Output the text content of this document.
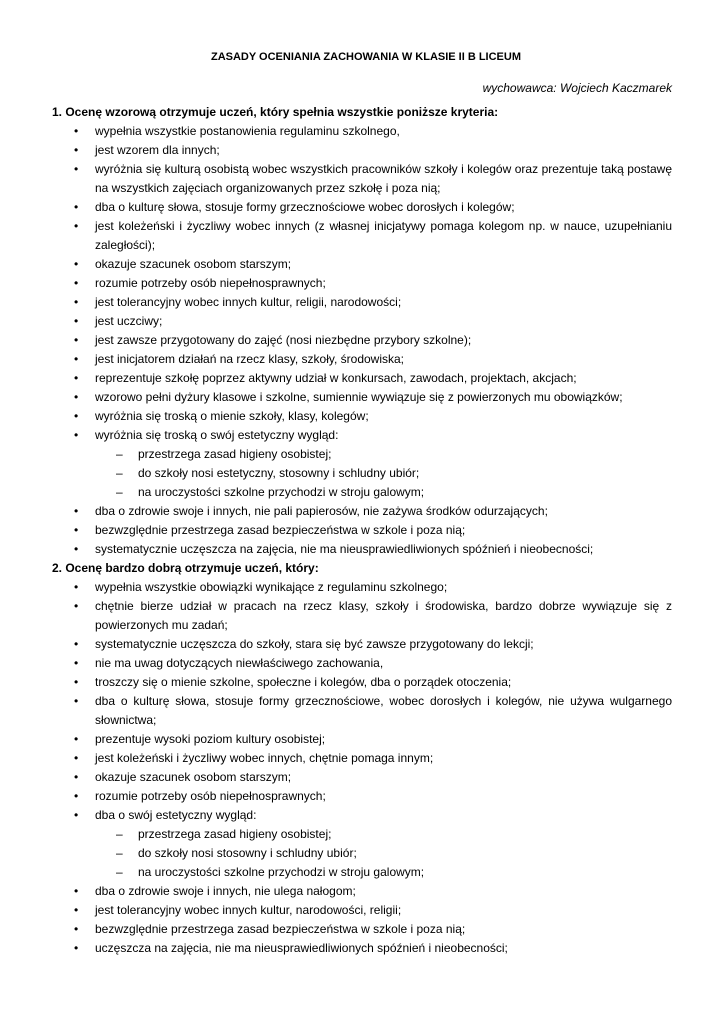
ZASADY OCENIANIA ZACHOWANIA W KLASIE II B LICEUM

wychowawca: Wojciech Kaczmarek

1. Ocenę wzorową otrzymuje uczeń, który spełnia wszystkie poniższe kryteria:

• wypełnia wszystkie postanowienia regulaminu szkolnego,
• jest wzorem dla innych;
• wyróżnia się kulturą osobistą wobec wszystkich pracowników szkoły i kolegów oraz prezentuje taką postawę na wszystkich zajęciach organizowanych przez szkołę i poza nią;
• dba o kulturę słowa, stosuje formy grzecznościowe wobec dorosłych i kolegów;
• jest koleżeński i życzliwy wobec innych (z własnej inicjatywy pomaga kolegom np. w nauce, uzupełnianiu zaległości);
• okazuje szacunek osobom starszym;
• rozumie potrzeby osób niepełnosprawnych;
• jest tolerancyjny wobec innych kultur, religii, narodowości;
• jest uczciwy;
• jest zawsze przygotowany do zajęć (nosi niezbędne przybory szkolne);
• jest inicjatorem działań na rzecz klasy, szkoły, środowiska;
• reprezentuje szkołę poprzez aktywny udział w konkursach, zawodach, projektach, akcjach;
• wzorowo pełni dyżury klasowe i szkolne, sumiennie wywiązuje się z powierzonych mu obowiązków;
• wyróżnia się troską o mienie szkoły, klasy, kolegów;
• wyróżnia się troską o swój estetyczny wygląd:
– przestrzega zasad higieny osobistej;
– do szkoły nosi estetyczny, stosowny i schludny ubiór;
– na uroczystości szkolne przychodzi w stroju galowym;
• dba o zdrowie swoje i innych, nie pali papierosów, nie zażywa środków odurzających;
• bezwzględnie przestrzega zasad bezpieczeństwa w szkole i poza nią;
• systematycznie uczęszcza na zajęcia, nie ma nieusprawiedliwionych spóźnień i nieobecności;

2. Ocenę bardzo dobrą otrzymuje uczeń, który:

• wypełnia wszystkie obowiązki wynikające z regulaminu szkolnego;
• chętnie bierze udział w pracach na rzecz klasy, szkoły i środowiska, bardzo dobrze wywiązuje się z powierzonych mu zadań;
• systematycznie uczęszcza do szkoły, stara się być zawsze przygotowany do lekcji;
• nie ma uwag dotyczących niewłaściwego zachowania,
• troszczy się o mienie szkolne, społeczne i kolegów, dba o porządek otoczenia;
• dba o kulturę słowa, stosuje formy grzecznościowe, wobec dorosłych i kolegów, nie używa wulgarnego słownictwa;
• prezentuje wysoki poziom kultury osobistej;
• jest koleżeński i życzliwy wobec innych, chętnie pomaga innym;
• okazuje szacunek osobom starszym;
• rozumie potrzeby osób niepełnosprawnych;
• dba o swój estetyczny wygląd:
– przestrzega zasad higieny osobistej;
– do szkoły nosi stosowny i schludny ubiór;
– na uroczystości szkolne przychodzi w stroju galowym;
• dba o zdrowie swoje i innych, nie ulega nałogom;
• jest tolerancyjny wobec innych kultur, narodowości, religii;
• bezwzględnie przestrzega zasad bezpieczeństwa w szkole i poza nią;
• uczęszcza na zajęcia, nie ma nieusprawiedliwionych spóźnień i nieobecności;
